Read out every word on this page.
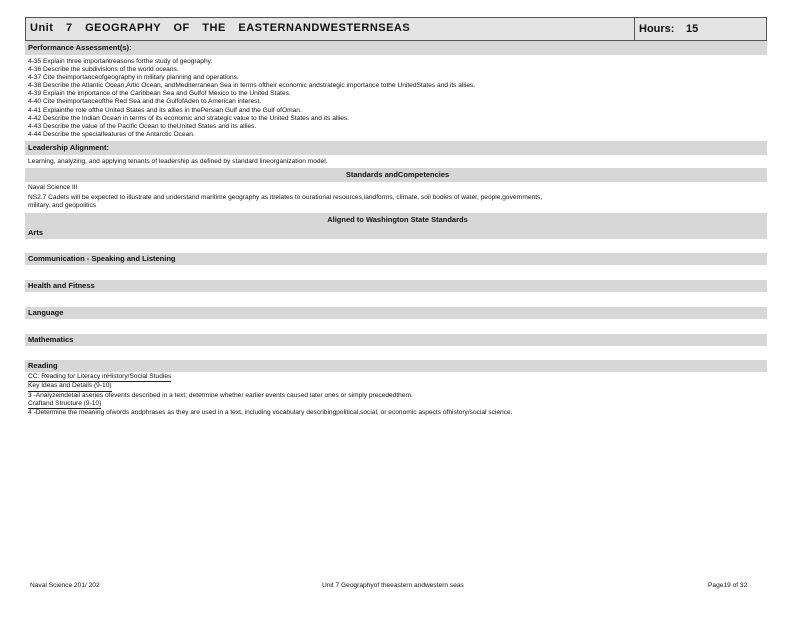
Unit 7 GEOGRAPHY OF THE EASTERNANDWESTERNSEAS	Hours: 15
Performance Assessment(s):
4-35 Explain three importantreasons forthe study of geography.
4-36 Describe the subdivisions of the world oceans.
4-37 Cite theimportanceofgeography in military planning and operations.
4-38 Describe the Atlantic Ocean,Artic Ocean, andMediterranean Sea in terms oftheir economic andstrategic importance tothe UnitedStates and its allies.
4-39 Explain the importance of the Caribbean Sea and Gulfof Mexico to the United States.
4-40 Cite theimportanceofthe Red Sea and the GulfofAden to American interest.
4-41 Explainthe role ofthe United States and its allies in thePersian Gulf and the Gulf ofOman.
4-42 Describe the Indian Ocean in terms of its economic and strategic value to the United States and its allies.
4-43 Describe the value of the Pacific Ocean to theUnited States and its allies.
4-44 Describe the specialfeatures of the Antarctic Ocean.
Leadership Alignment:
Learning, analyzing, and applying tenants of leadership as defined by standard lineorganization model.
Standards andCompetencies
Naval Science III
NS2.7 Cadets will be expected to illustrate and understand maritime geography as itrelates to ourational resources,landforms, climate, soil bodies of water, people,governments,
military, and geopolitics
Aligned to Washington State Standards
Arts
Communication - Speaking and Listening
Health and Fitness
Language
Mathematics
Reading
CC: Reading for Literacy inHistory/Social Studies
Key Ideas and Details (9-10)
3 -Analyzeindetail aseries ofevents described in a text; determine whether earlier events caused later ones or simply precededthem.
Craftand Structure (9-10)
4 -Determine the meaning ofwords andphrases as they are used in a text, including vocabulary describingpolitical,social, or economic aspects ofhistory/social science.
Naval Science 201/ 202	Unit 7 Geographyof theeastern andwestern seas	Page19 of 32
